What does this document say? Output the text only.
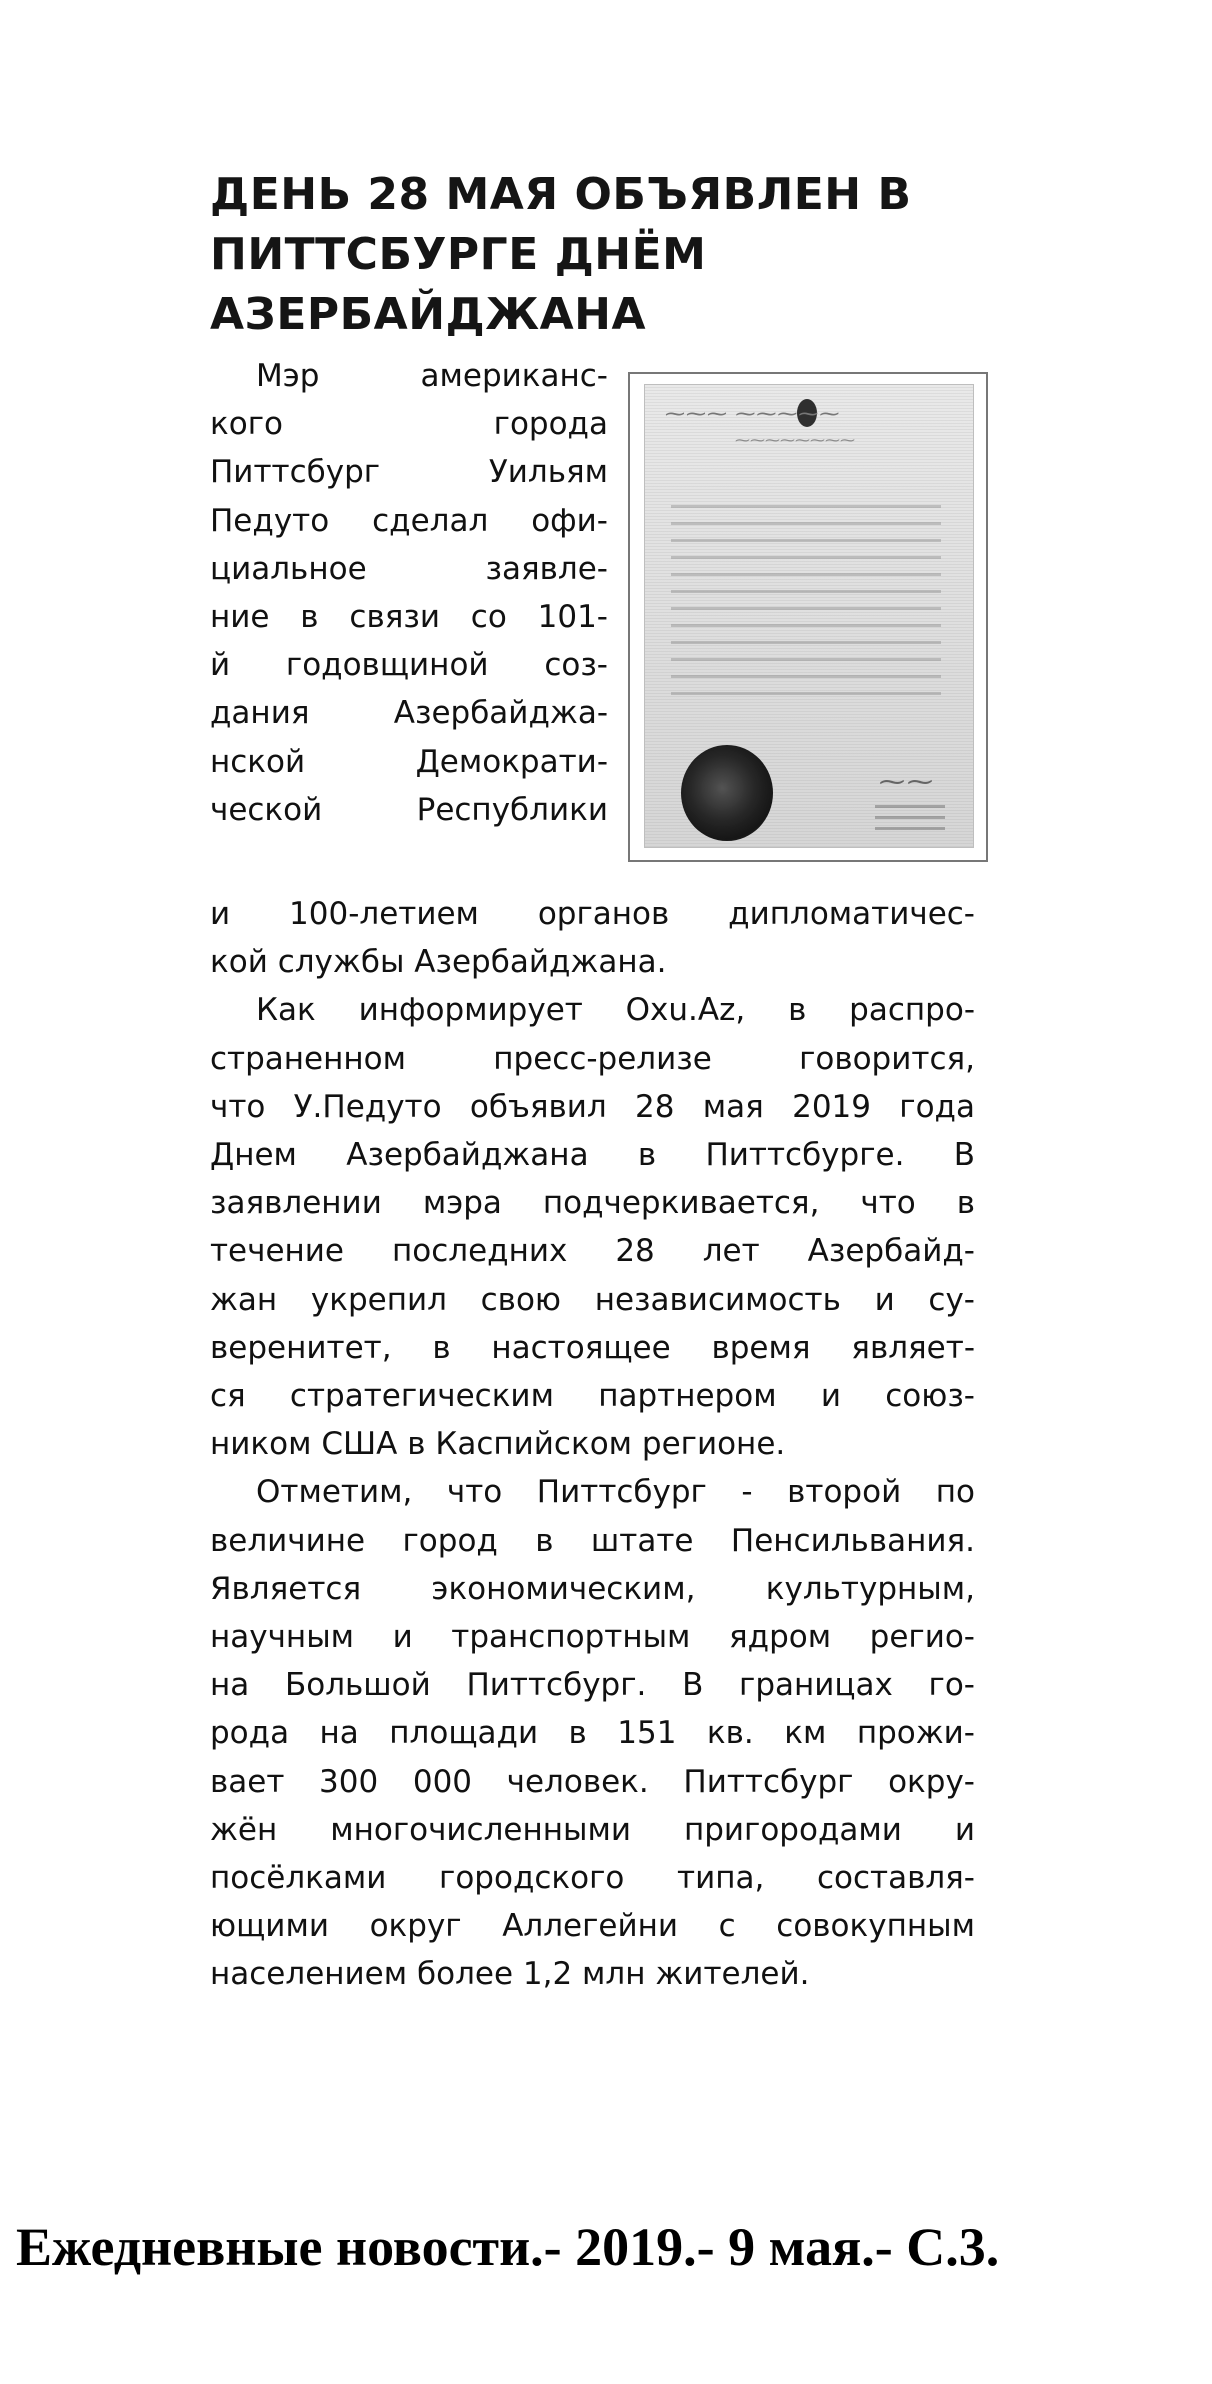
ДЕНЬ 28 МАЯ ОБЪЯВЛЕН В
ПИТТСБУРГЕ ДНЁМ
АЗЕРБАЙДЖАНА
Мэр американс-
кого города
Питтсбург Уильям
Педуто сделал офи-
циальное заявле-
ние в связи со 101-
й годовщиной соз-
дания Азербайджа-
нской Демократи-
ческой Республики
⁓⁓⁓ ⁓⁓⁓⁓⁓
⁓⁓⁓⁓⁓⁓⁓⁓
⁓⁓
и 100-летием органов дипломатичес-
кой службы Азербайджана.
Как информирует Oxu.Az, в распро-
страненном пресс-релизе говорится,
что У.Педуто объявил 28 мая 2019 года
Днем Азербайджана в Питтсбурге. В
заявлении мэра подчеркивается, что в
течение последних 28 лет Азербайд-
жан укрепил свою независимость и су-
веренитет, в настоящее время являет-
ся стратегическим партнером и союз-
ником США в Каспийском регионе.
Отметим, что Питтсбург - второй по
величине город в штате Пенсильвания.
Является экономическим, культурным,
научным и транспортным ядром регио-
на Большой Питтсбург. В границах го-
рода на площади в 151 кв. км прожи-
вает 300 000 человек. Питтсбург окру-
жён многочисленными пригородами и
посёлками городского типа, составля-
ющими округ Аллегейни с совокупным
населением более 1,2 млн жителей.

Ежедневные новости.- 2019.- 9 мая.- С.3.
